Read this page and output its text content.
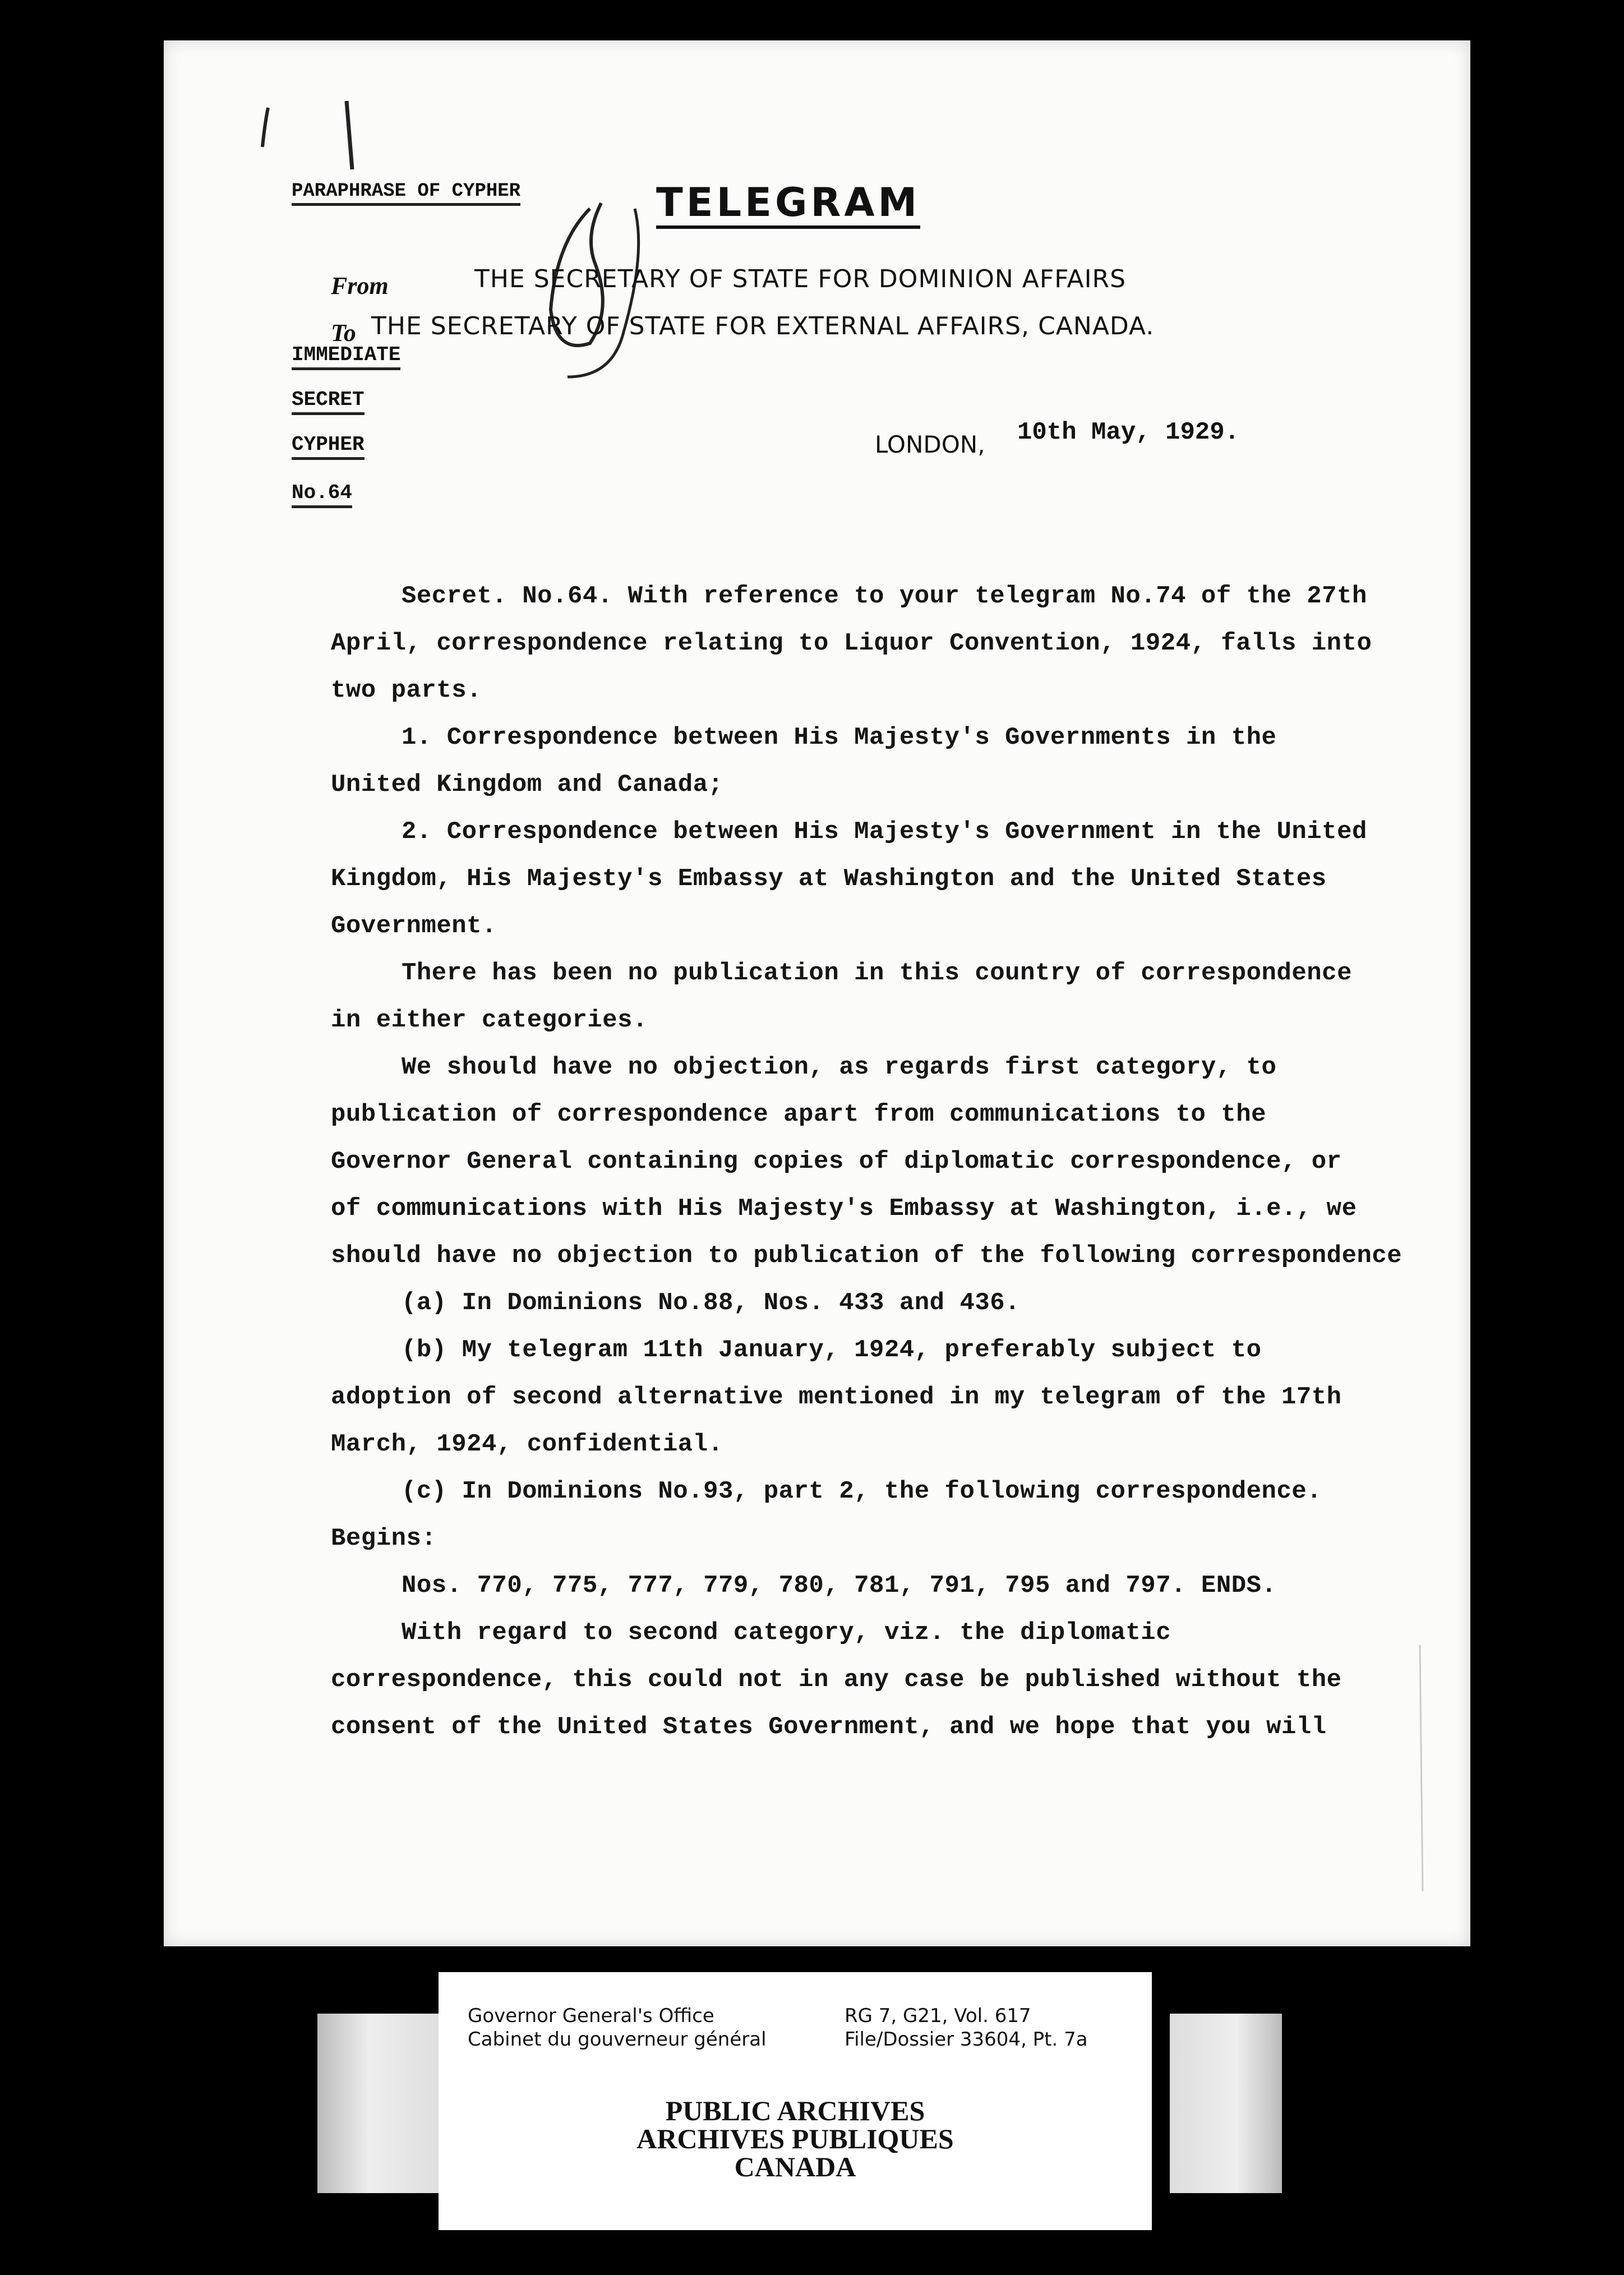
PARAPHRASE OF CYPHER	TELEGRAM
From	THE SECRETARY OF STATE FOR DOMINION AFFAIRS
To THE SECRETARY OF STATE FOR EXTERNAL AFFAIRS, CANADA.
IMMEDIATE
SECRET
CYPHER
No.64
LONDON, 10th May, 1929.
Secret. No.64. With reference to your telegram No.74 of the 27th
April, correspondence relating to Liquor Convention, 1924, falls into
two parts.
1. Correspondence between His Majesty's Governments in the
United Kingdom and Canada;
2. Correspondence between His Majesty's Government in the United
Kingdom, His Majesty's Embassy at Washington and the United States
Government.
There has been no publication in this country of correspondence
in either categories.
We should have no objection, as regards first category, to
publication of correspondence apart from communications to the
Governor General containing copies of diplomatic correspondence, or
of communications with His Majesty's Embassy at Washington, i.e., we
should have no objection to publication of the following correspondence
(a) In Dominions No.88, Nos. 433 and 436.
(b) My telegram 11th January, 1924, preferably subject to
adoption of second alternative mentioned in my telegram of the 17th
March, 1924, confidential.
(c) In Dominions No.93, part 2, the following correspondence.
Begins:
Nos. 770, 775, 777, 779, 780, 781, 791, 795 and 797. ENDS.
With regard to second category, viz. the diplomatic
correspondence, this could not in any case be published without the
consent of the United States Government, and we hope that you will
Governor General's Office
Cabinet du gouverneur général
RG 7, G21, Vol. 617
File/Dossier 33604, Pt. 7a
PUBLIC ARCHIVES
ARCHIVES PUBLIQUES
CANADA
